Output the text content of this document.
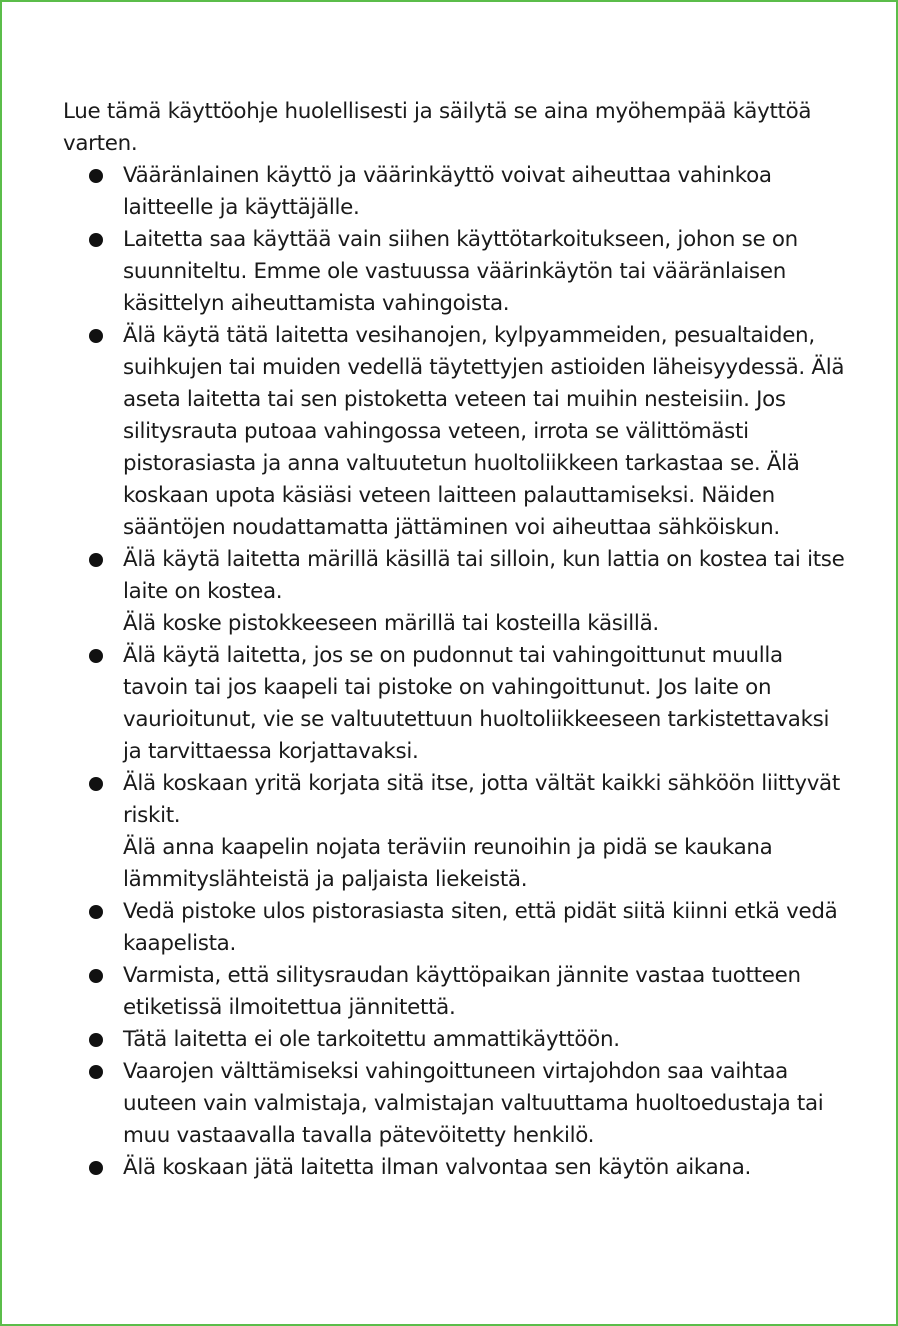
Lue tämä käyttöohje huolellisesti ja säilytä se aina myöhempää käyttöä varten.

Vääränlainen käyttö ja väärinkäyttö voivat aiheuttaa vahinkoa laitteelle ja käyttäjälle.
Laitetta saa käyttää vain siihen käyttötarkoitukseen, johon se on suunniteltu. Emme ole vastuussa väärinkäytön tai vääränlaisen käsittelyn aiheuttamista vahingoista.
Älä käytä tätä laitetta vesihanojen, kylpyammeiden, pesualtaiden, suihkujen tai muiden vedellä täytettyjen astioiden läheisyydessä. Älä aseta laitetta tai sen pistoketta veteen tai muihin nesteisiin. Jos silitysrauta putoaa vahingossa veteen, irrota se välittömästi pistorasiasta ja anna valtuutetun huoltoliikkeen tarkastaa se. Älä koskaan upota käsiäsi veteen laitteen palauttamiseksi. Näiden sääntöjen noudattamatta jättäminen voi aiheuttaa sähköiskun.
Älä käytä laitetta märillä käsillä tai silloin, kun lattia on kostea tai itse laite on kostea.
Älä koske pistokkeeseen märillä tai kosteilla käsillä.
Älä käytä laitetta, jos se on pudonnut tai vahingoittunut muulla tavoin tai jos kaapeli tai pistoke on vahingoittunut. Jos laite on vaurioitunut, vie se valtuutettuun huoltoliikkeeseen tarkistettavaksi ja tarvittaessa korjattavaksi.
Älä koskaan yritä korjata sitä itse, jotta vältät kaikki sähköön liittyvät riskit.
Älä anna kaapelin nojata teräviin reunoihin ja pidä se kaukana lämmityslähteistä ja paljaista liekeistä.
Vedä pistoke ulos pistorasiasta siten, että pidät siitä kiinni etkä vedä kaapelista.
Varmista, että silitysraudan käyttöpaikan jännite vastaa tuotteen etiketissä ilmoitettua jännitettä.
Tätä laitetta ei ole tarkoitettu ammattikäyttöön.
Vaarojen välttämiseksi vahingoittuneen virtajohdon saa vaihtaa uuteen vain valmistaja, valmistajan valtuuttama huoltoedustaja tai muu vastaavalla tavalla pätevöitetty henkilö.
Älä koskaan jätä laitetta ilman valvontaa sen käytön aikana.
